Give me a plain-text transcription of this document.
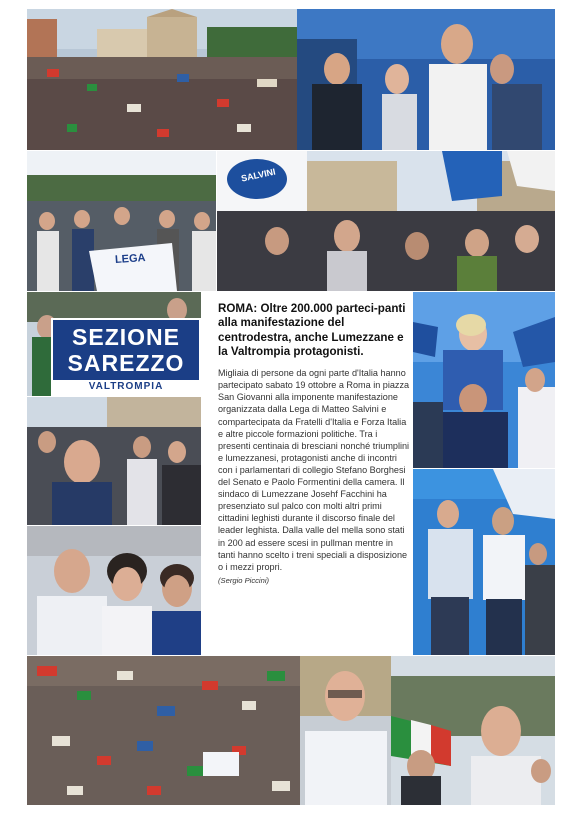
LEGA
SALVINI
SEZIONE
SAREZZO
VALTROMPIA
ROMA: Oltre 200.000 parteci-panti alla manifestazione del centrodestra, anche Lumezzane e la Valtrompia protagonisti.

Migliaia di persone da ogni parte d'Italia hanno partecipato sabato 19 ottobre a Roma in piazza San Giovanni alla imponente manifestazione organizzata dalla Lega di Matteo Salvini e compartecipata da Fratelli d'Italia e Forza Italia e altre piccole formazioni politiche. Tra i presenti centinaia di bresciani nonché triumplini e lumezzanesi, protagonisti anche di incontri con i parlamentari di collegio Stefano Borghesi del Senato e Paolo Formentini della camera. Il sindaco di Lumezzane Josehf Facchini ha presenziato sul palco con molti altri primi cittadini leghisti durante il discorso finale del leader leghista. Dalla valle del mella sono stati in 200 ad essere scesi in pullman mentre in tanti hanno scelto i treni speciali a disposizione o i mezzi propri.

(Sergio Piccini)
